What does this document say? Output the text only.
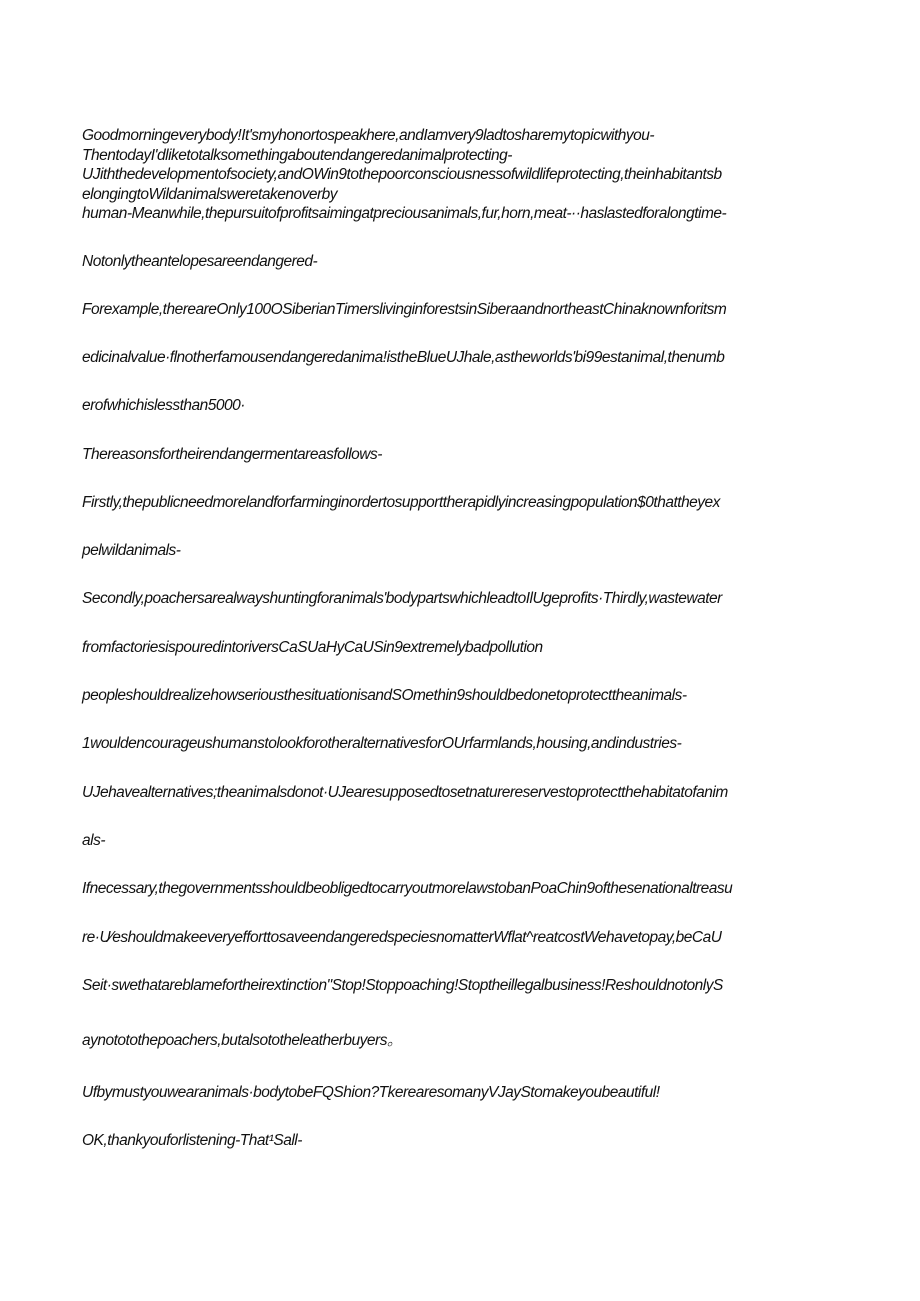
Goodmorningeverybody!It'smyhonortospeakhere,andIamvery9ladtosharemytopicwithyou-
ThentodayI'dliketotalksomethingaboutendangeredanimalprotecting-
UJiththedevelopmentofsociety,andOWin9tothepoorconsciousnessofwildlifeprotecting,theinhabitantsb
elongingtoWildanimalsweretakenoverby
human-Meanwhile,thepursuitofprofitsaimingatpreciousanimals,fur,horn,meat-··haslastedforalongtime-
Notonlytheantelopesareendangered-
Forexample,thereareOnly100OSiberianTimerslivinginforestsinSiberaandnortheastChinaknownforitsm
edicinalvalue·flnotherfamousendangeredanima!istheBlueUJhale,astheworlds'bi99estanimal,thenumb
erofwhichislessthan5000·
Thereasonsfortheirendangermentareasfollows-
Firstly,thepublicneedmorelandforfarminginordertosupporttherapidlyincreasingpopulation$0thattheyex
pelwildanimals-
Secondly,poachersarealwayshuntingforanimals'bodypartswhichleadtoIlUgeprofits·Thirdly,wastewater
fromfactoriesispouredintoriversCaSUaHyCaUSin9extremelybadpollution
peopleshouldrealizehowseriousthesituationisandSOmethin9shouldbedonetoprotecttheanimals-
1wouldencourageushumanstolookforotheralternativesforOUrfarmlands,housing,andindustries-
UJehavealternatives;theanimalsdonot·UJearesupposedtosetnaturereservestoprotectthehabitatofanim
als-
Ifnecessary,thegovernmentsshouldbeobligedtocarryoutmorelawstobanPoaChin9ofthesenationaltreasu
re·U⁄eshouldmakeeveryefforttosaveendangeredspeciesnomatterWflat^reatcostWehavetopay,beCaU
Seit·swethatareblamefortheirextinction"Stop!Stoppoaching!Stoptheillegalbusiness!ReshouldnotonlyS
aynototothepoachers,butalsototheleatherbuyers。
Ufbymustyouwearanimals·bodytobeFQShion?TkerearesomanyVJayStomakeyoubeautiful!
OK,thankyouforlistening-That¹Sall-
